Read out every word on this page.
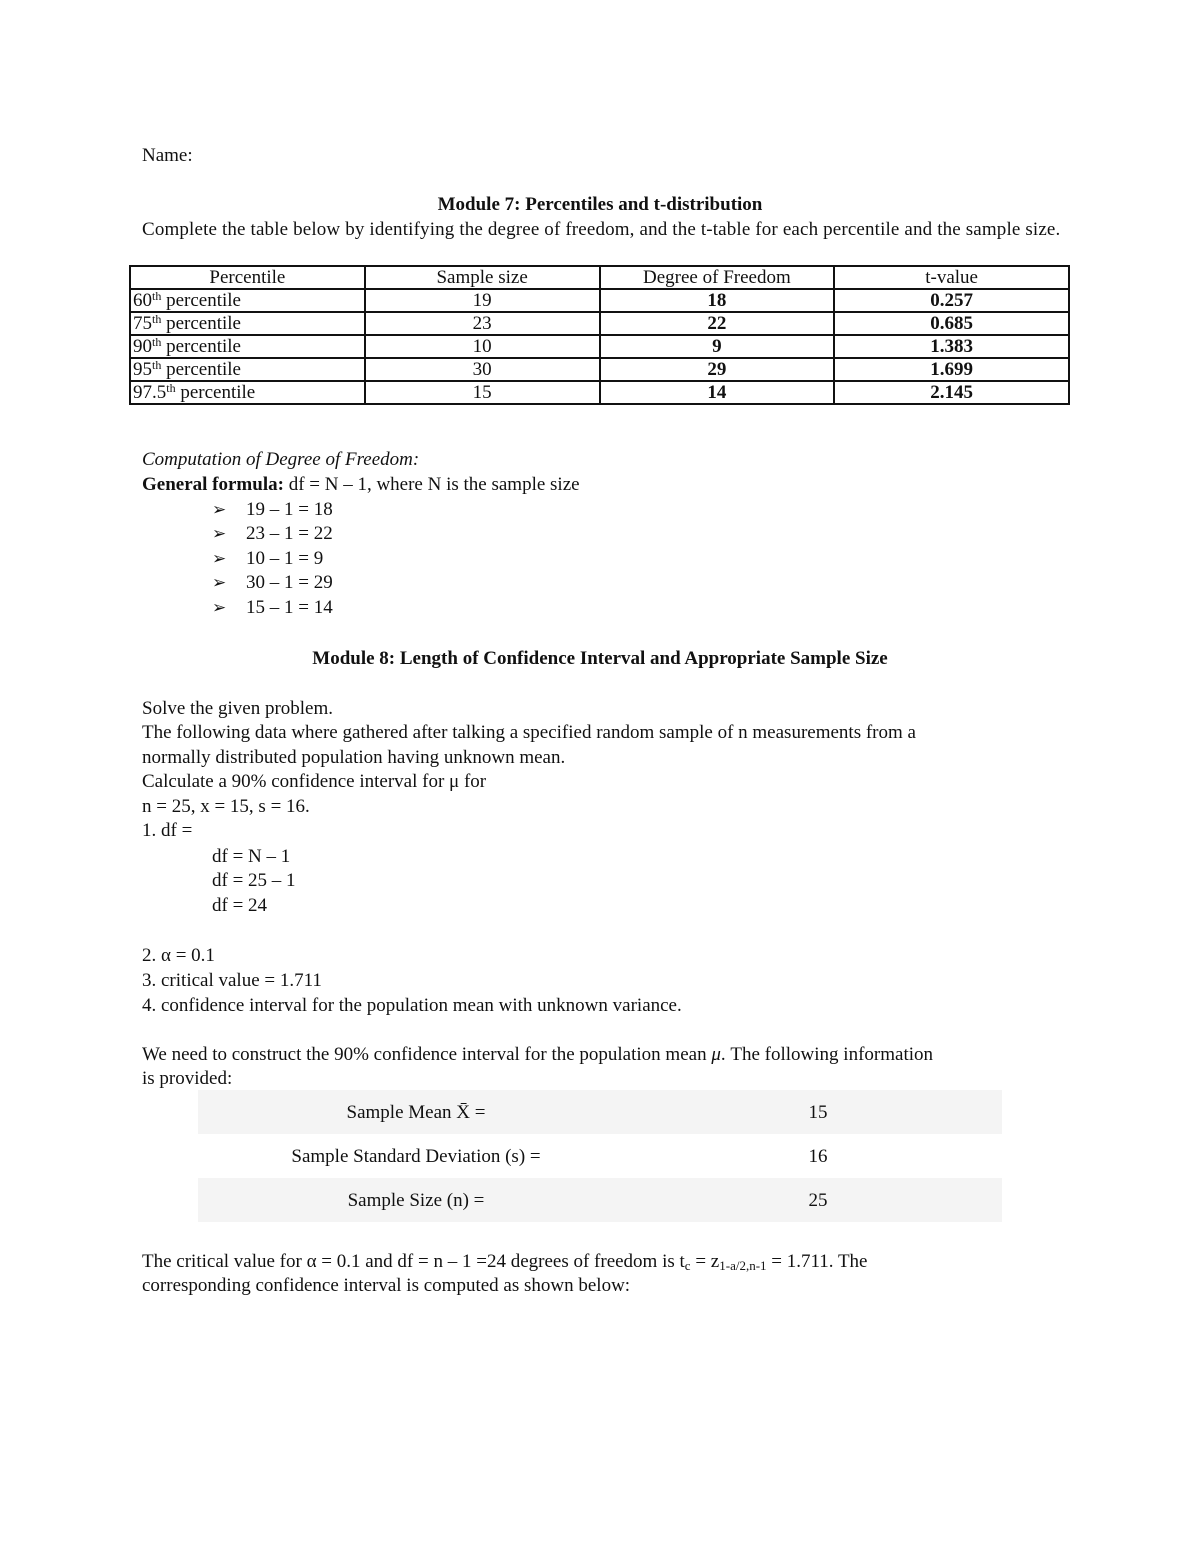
Name:
Module 7: Percentiles and t-distribution
Complete the table below by identifying the degree of freedom, and the t-table for each percentile and the sample size.
Percentile	Sample size	Degree of Freedom	t-value
60th percentile	19	18	0.257
75th percentile	23	22	0.685
90th percentile	10	9	1.383
95th percentile	30	29	1.699
97.5th percentile	15	14	2.145
Computation of Degree of Freedom:
General formula: df = N – 1, where N is the sample size
➢ 19 – 1 = 18
➢ 23 – 1 = 22
➢ 10 – 1 = 9
➢ 30 – 1 = 29
➢ 15 – 1 = 14
Module 8: Length of Confidence Interval and Appropriate Sample Size
Solve the given problem.
The following data where gathered after talking a specified random sample of n measurements from a
normally distributed population having unknown mean.
Calculate a 90% confidence interval for μ for
n = 25, x = 15, s = 16.
1. df =
df = N – 1
df = 25 – 1
df = 24
2. α = 0.1
3. critical value = 1.711
4. confidence interval for the population mean with unknown variance.
We need to construct the 90% confidence interval for the population mean μ. The following information
is provided:
Sample Mean X̄ =	15
Sample Standard Deviation (s) =	16
Sample Size (n) =	25
The critical value for α = 0.1 and df = n – 1 =24 degrees of freedom is $t_c = z_{1-a/2,n-1} = 1.711$. The
corresponding confidence interval is computed as shown below:
